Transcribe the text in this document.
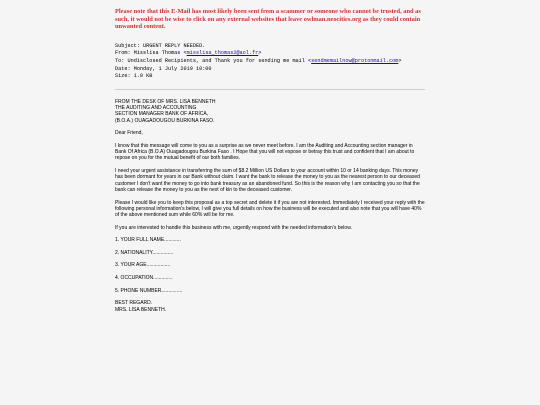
Please note that this E-Mail has most likely been sent from a scammer or someone who cannot be trusted, and as such, it would not be wise to click on any external websites that leave owlman.neocities.org as they could contain unwanted content.
Subject: URGENT REPLY NEEDED.
From: Misslisa Thomas <misslisa_thomas2@aol.fr>
To: Undisclosed Recipients, and Thank you for sending me mail <sendmemailnow@protonmail.com>
Date: Monday, 1 July 2019 10:00
Size: 1.0 KB

FROM THE DESK OF MRS. LISA BENNETH
THE AUDITING AND ACCOUNTING
SECTION MANAGER BANK OF AFRICA,
(B.O.A.) OUAGADOUGOU BURKINA FASO.

Dear Friend,

I know that this message will come to you as a surprise as we never meet before. I am the Auditing and Accounting section manager in Bank Of Africa (B.O.A) Ouagadougou Burkina Faso . I Hope that you will not expose or betray this trust and confident that I am about to repose on you for the mutual benefit of our both families.

I need your urgent assistance in transferring the sum of $8.2 Million US Dollars to your account within 10 or 14 banking days. This money has been dormant for years in our Bank without claim. I want the bank to release the money to you as the nearest person to our deceased customer I don't want the money to go into bank treasury as an abandoned fund. So this is the reason why I am contacting you so that the bank can release the money to you as the next of kin to the deceased customer.

Please I would like you to keep this proposal as a top secret and delete it if you are not interested. Immediately I received your reply with the following personal information's below, I will give you full details on how the business will be executed and also note that you will have 40% of the above mentioned sum while 60% will be for me.

If you are interested to handle this business with me, urgently respond with the needed information's below.

1. YOUR FULL NAME............

2. NATIONALITY...............

3. YOUR AGE.................

4. OCCUPATION..............

5. PHONE NUMBER...............

BEST REGARD.
MRS. LISA BENNETH.
